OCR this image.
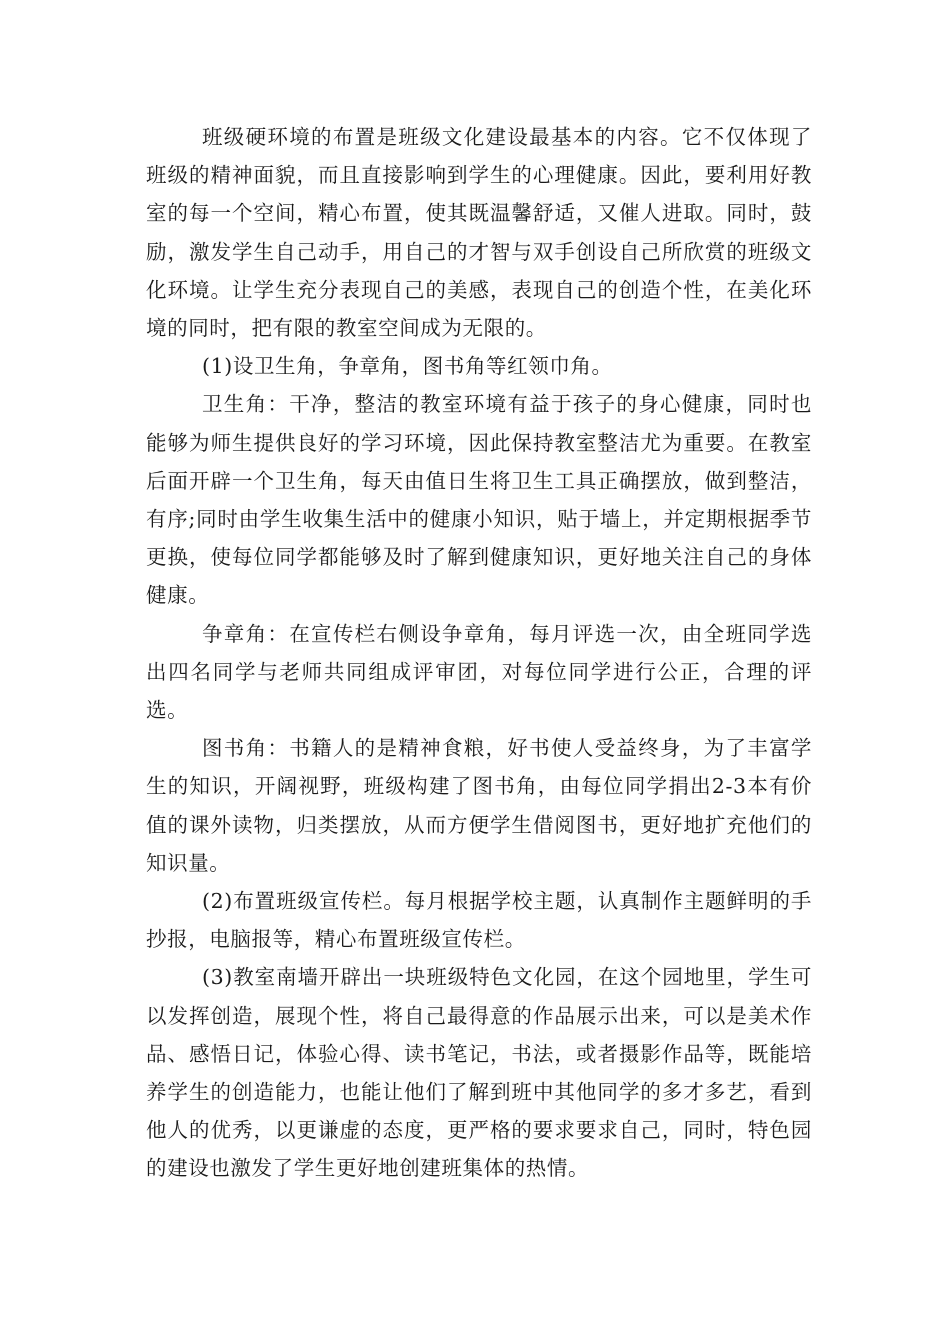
班级硬环境的布置是班级文化建设最基本的内容。它不仅体现了班级的精神面貌，而且直接影响到学生的心理健康。因此，要利用好教室的每一个空间，精心布置，使其既温馨舒适，又催人进取。同时，鼓励，激发学生自己动手，用自己的才智与双手创设自己所欣赏的班级文化环境。让学生充分表现自己的美感，表现自己的创造个性，在美化环境的同时，把有限的教室空间成为无限的。

(1)设卫生角，争章角，图书角等红领巾角。

卫生角：干净，整洁的教室环境有益于孩子的身心健康，同时也能够为师生提供良好的学习环境，因此保持教室整洁尤为重要。在教室后面开辟一个卫生角，每天由值日生将卫生工具正确摆放，做到整洁，有序;同时由学生收集生活中的健康小知识，贴于墙上，并定期根据季节更换，使每位同学都能够及时了解到健康知识，更好地关注自己的身体健康。

争章角：在宣传栏右侧设争章角，每月评选一次，由全班同学选出四名同学与老师共同组成评审团，对每位同学进行公正，合理的评选。

图书角：书籍人的是精神食粮，好书使人受益终身，为了丰富学生的知识，开阔视野，班级构建了图书角，由每位同学捐出2-3本有价值的课外读物，归类摆放，从而方便学生借阅图书，更好地扩充他们的知识量。

(2)布置班级宣传栏。每月根据学校主题，认真制作主题鲜明的手抄报，电脑报等，精心布置班级宣传栏。

(3)教室南墙开辟出一块班级特色文化园，在这个园地里，学生可以发挥创造，展现个性，将自己最得意的作品展示出来，可以是美术作品、感悟日记，体验心得、读书笔记，书法，或者摄影作品等，既能培养学生的创造能力，也能让他们了解到班中其他同学的多才多艺，看到他人的优秀，以更谦虚的态度，更严格的要求要求自己，同时，特色园的建设也激发了学生更好地创建班集体的热情。
